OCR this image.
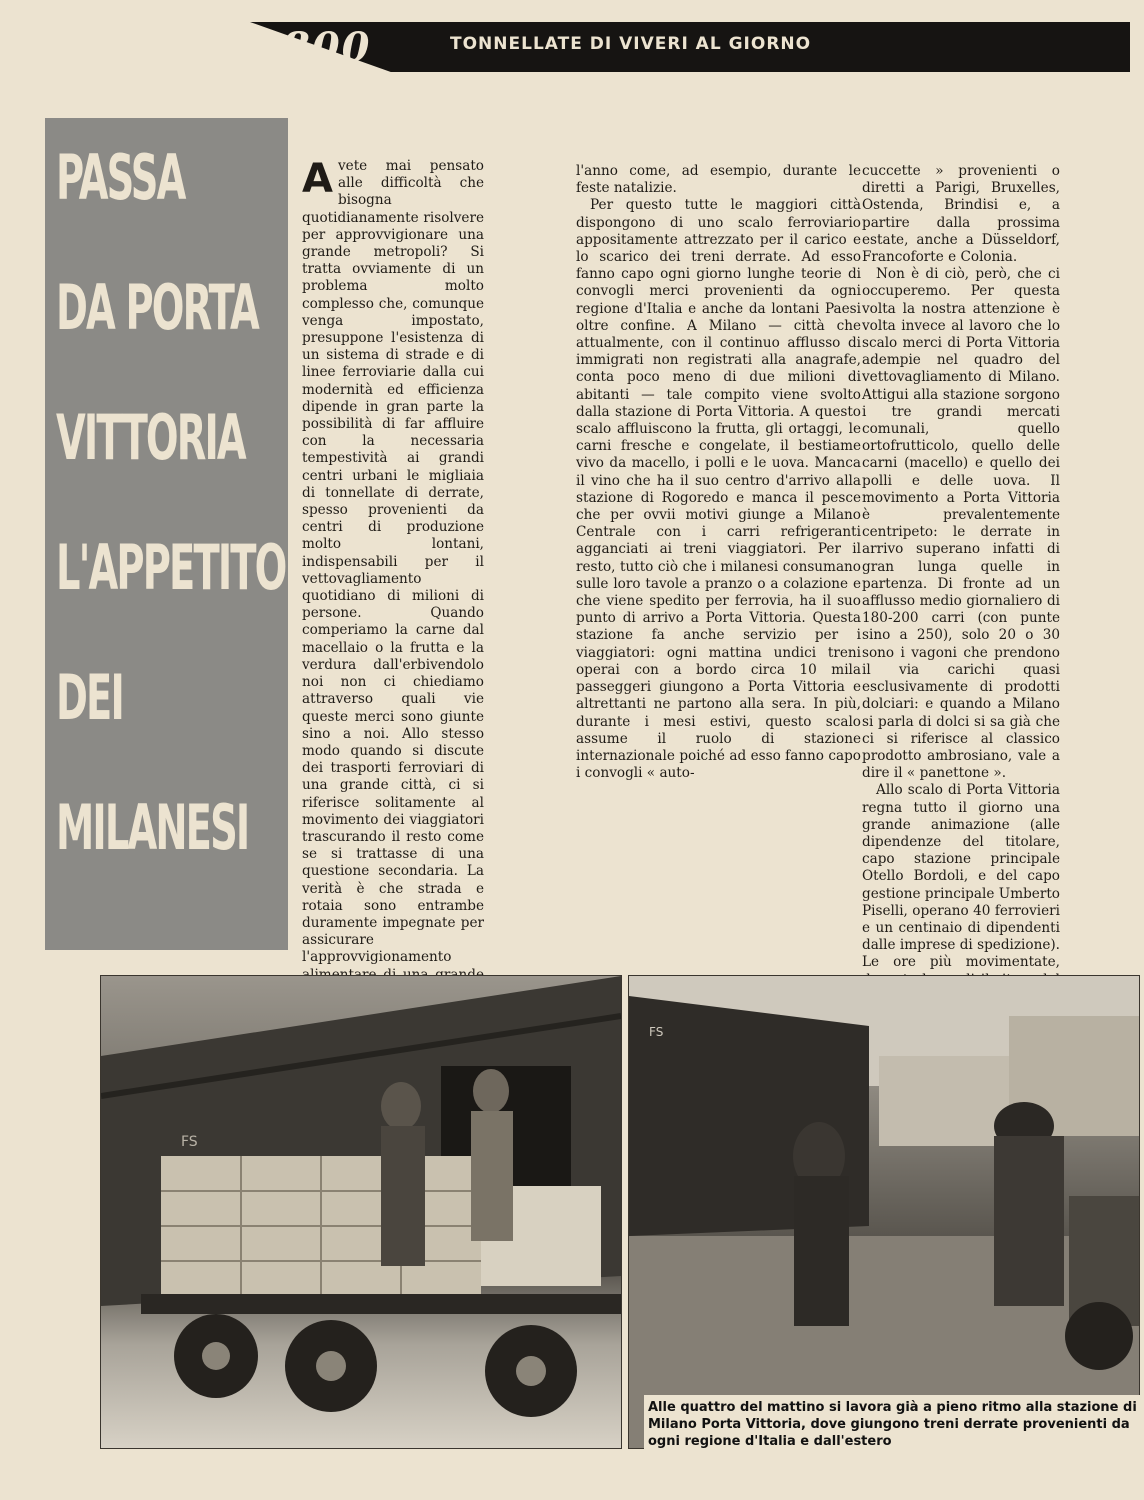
800	TONNELLATE DI VIVERI AL GIORNO
PASSA
DA PORTA
VITTORIA
L'APPETITO
DEI
MILANESI

Avete mai pensato alle difficoltà che bisogna quotidianamente risolvere per approvvigionare una grande metropoli? Si tratta ovviamente di un problema molto complesso che, comunque venga impostato, presuppone l'esistenza di un sistema di strade e di linee ferroviarie dalla cui modernità ed efficienza dipende in gran parte la possibilità di far affluire con la necessaria tempestività ai grandi centri urbani le migliaia di tonnellate di derrate, spesso provenienti da centri di produzione molto lontani, indispensabili per il vettovagliamento quotidiano di milioni di persone. Quando comperiamo la carne dal macellaio o la frutta e la verdura dall'erbivendolo noi non ci chiediamo attraverso quali vie queste merci sono giunte sino a noi. Allo stesso modo quando si discute dei trasporti ferroviari di una grande città, ci si riferisce solitamente al movimento dei viaggiatori trascurando il resto come se si trattasse di una questione secondaria. La verità è che strada e rotaia sono entrambe duramente impegnate per assicurare l'approvvigionamento

l'anno come, ad esempio, durante le feste natalizie.

Per questo tutte le maggiori città dispongono di uno scalo ferroviario appositamente attrezzato per il carico e lo scarico dei treni derrate. Ad esso fanno capo ogni giorno lunghe teorie di convogli merci provenienti da ogni regione d'Italia e anche da lontani Paesi oltre confine. A Milano — città che attualmente, con il continuo afflusso di immigrati non registrati alla anagrafe, conta poco meno di due milioni di abitanti — tale compito viene svolto dalla stazione di Porta Vittoria. A questo scalo affluiscono la frutta, gli ortaggi, le carni fresche e congelate, il bestiame vivo da macello, i polli e le uova. Manca il vino che ha il suo centro d'arrivo alla stazione di Rogoredo e manca il pesce che per ovvii motivi giunge a Milano Centrale con i carri refrigeranti agganciati ai treni viaggiatori. Per il resto, tutto ciò che i milanesi consumano sulle loro tavole a pranzo o a colazione e che viene spedito per ferrovia, ha il suo punto di arrivo a Porta Vittoria. Questa stazione fa anche servizio per i viaggiatori: ogni mattina undici treni operai con a bordo circa 10 mila passeggeri giungono a Porta Vittoria e altrettanti ne partono alla sera. In più, durante i mesi estivi, questo scalo assume il ruolo di stazione internazionale poiché ad esso fanno capo i convogli « auto-

cuccette » provenienti o diretti a Parigi, Bruxelles, Ostenda, Brindisi e, a partire dalla prossima estate, anche a Düsseldorf, Francoforte e Colonia.

Non è di ciò, però, che ci occuperemo. Per questa volta la nostra attenzione è volta invece al lavoro che lo scalo merci di Porta Vittoria adempie nel quadro del vettovagliamento di Milano. Attigui alla stazione sorgono i tre grandi mercati comunali, quello ortofrutticolo, quello delle carni (macello) e quello dei polli e delle uova. Il movimento a Porta Vittoria è prevalentemente centripeto: le derrate in arrivo superano infatti di gran lunga quelle in partenza. Di fronte ad un afflusso medio giornaliero di 180-200 carri (con punte sino a 250), solo 20 o 30 sono i vagoni che prendono il via carichi quasi esclusivamente di prodotti dolciari: e quando a Milano si parla di dolci si sa già che ci si riferisce al classico prodotto ambrosiano, vale a dire il « panettone ».

Allo scalo di Porta Vittoria regna tutto il giorno una grande animazione (alle dipendenze del titolare, capo stazione principale Otello Bordoli, e del capo gestione principale Umberto Piselli, operano 40 ferrovieri e un centinaio di dipendenti dalle imprese di spedizione). Le ore più movimentate,

FS
FS
Alle quattro del mattino si lavora già a pieno ritmo alla stazione di Milano Porta Vittoria, dove giungono treni derrate provenienti da ogni regione d'Italia e dall'estero
